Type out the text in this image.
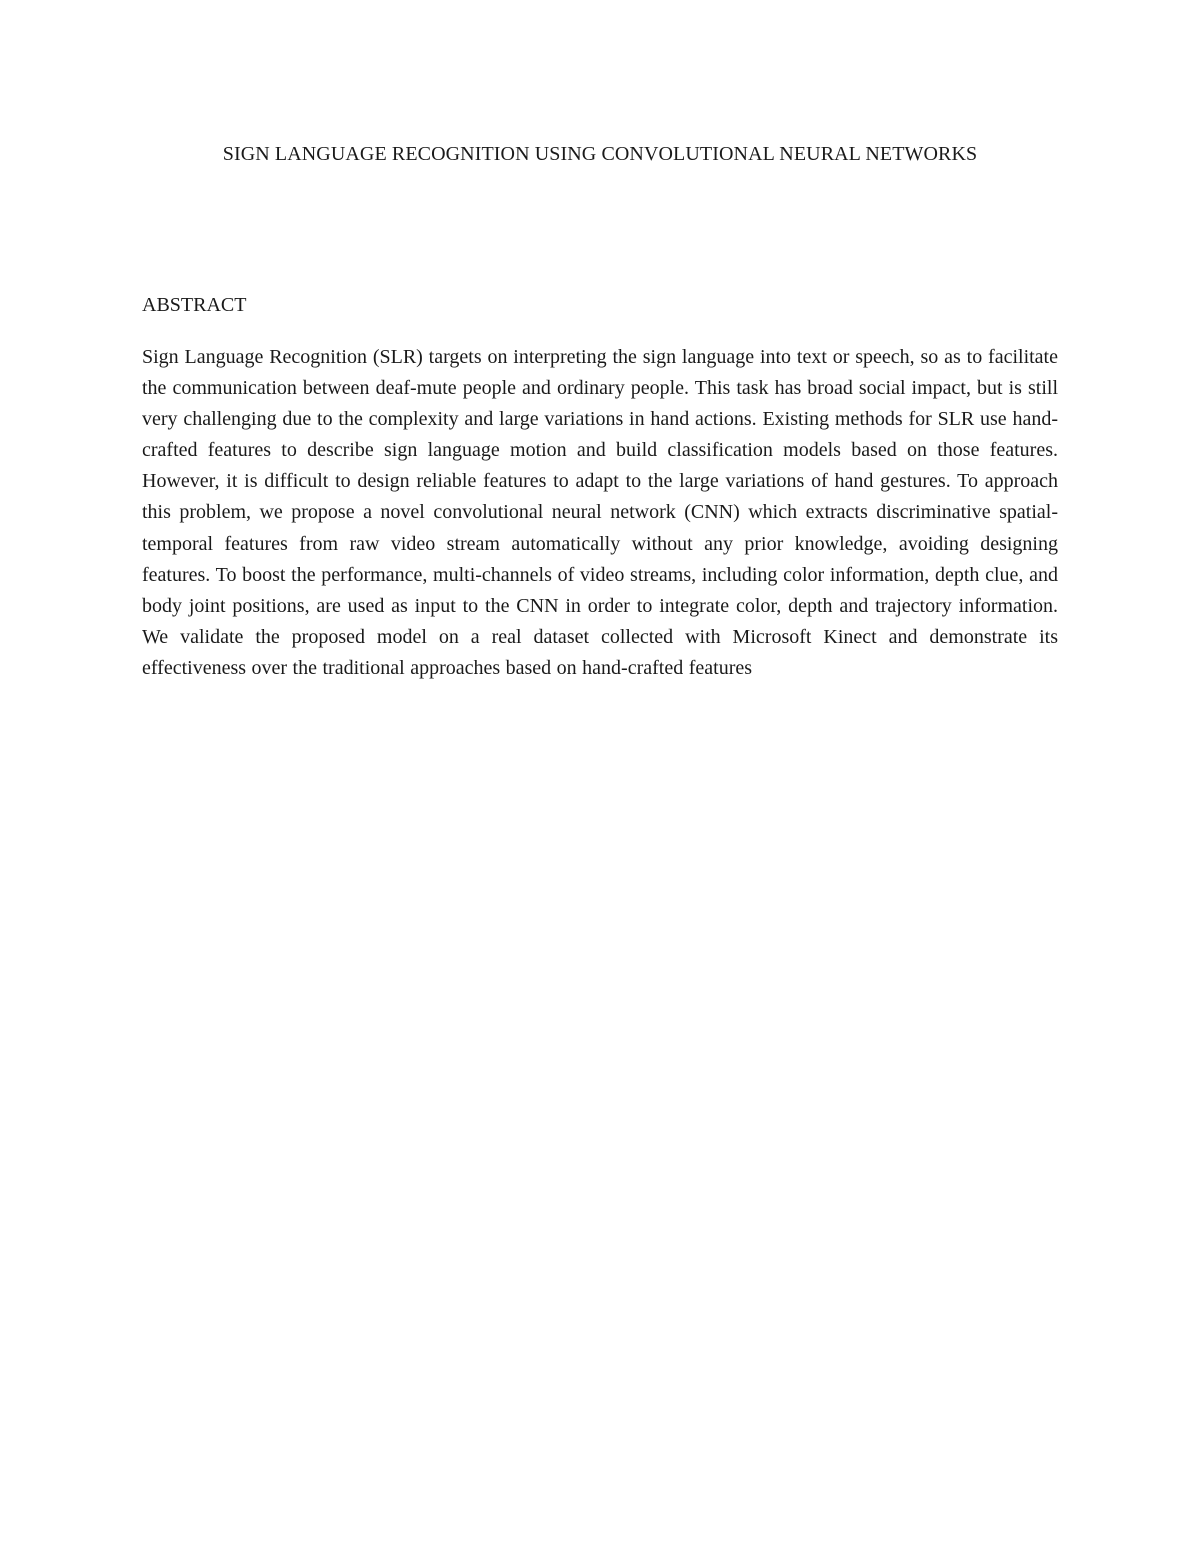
SIGN LANGUAGE RECOGNITION USING CONVOLUTIONAL NEURAL NETWORKS
ABSTRACT

Sign Language Recognition (SLR) targets on interpreting the sign language into text or speech, so as to facilitate the communication between deaf-mute people and ordinary people. This task has broad social impact, but is still very challenging due to the complexity and large variations in hand actions. Existing methods for SLR use hand-crafted features to describe sign language motion and build classification models based on those features. However, it is difficult to design reliable features to adapt to the large variations of hand gestures. To approach this problem, we propose a novel convolutional neural network (CNN) which extracts discriminative spatial-temporal features from raw video stream automatically without any prior knowledge, avoiding designing features. To boost the performance, multi-channels of video streams, including color information, depth clue, and body joint positions, are used as input to the CNN in order to integrate color, depth and trajectory information. We validate the proposed model on a real dataset collected with Microsoft Kinect and demonstrate its effectiveness over the traditional approaches based on hand-crafted features
